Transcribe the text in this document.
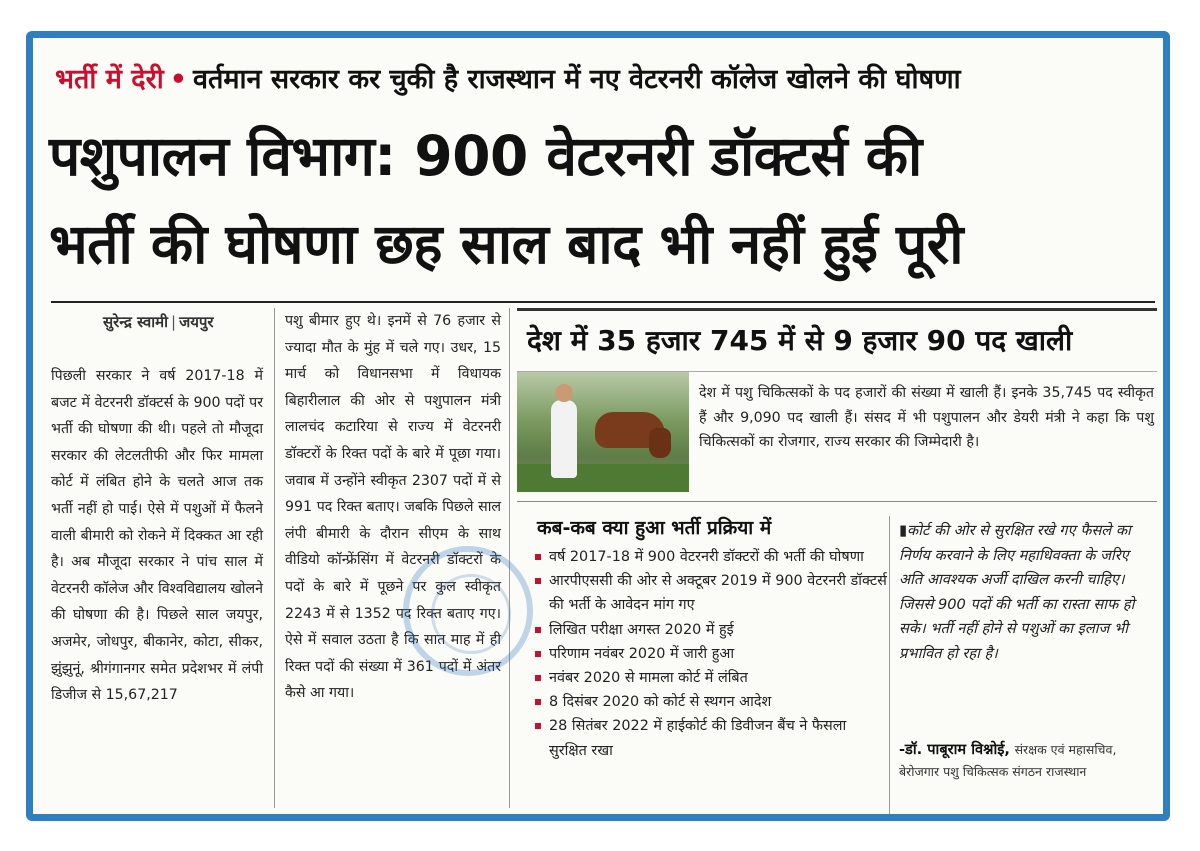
भर्ती में देरी • वर्तमान सरकार कर चुकी है राजस्थान में नए वेटरनरी कॉलेज खोलने की घोषणा
पशुपालन विभाग: 900 वेटरनरी डॉक्टर्स की
भर्ती की घोषणा छह साल बाद भी नहीं हुई पूरी
सुरेन्द्र स्वामी | जयपुर
पिछली सरकार ने वर्ष 2017-18 में बजट में वेटरनरी डॉक्टर्स के 900 पदों पर भर्ती की घोषणा की थी। पहले तो मौजूदा सरकार की लेटलतीफी और फिर मामला कोर्ट में लंबित होने के चलते आज तक भर्ती नहीं हो पाई। ऐसे में पशुओं में फैलने वाली बीमारी को रोकने में दिक्कत आ रही है। अब मौजूदा सरकार ने पांच साल में वेटरनरी कॉलेज और विश्वविद्यालय खोलने की घोषणा की है। पिछले साल जयपुर, अजमेर, जोधपुर, बीकानेर, कोटा, सीकर, झुंझुनूं, श्रीगंगानगर समेत प्रदेशभर में लंपी डिजीज से 15,67,217
पशु बीमार हुए थे। इनमें से 76 हजार से ज्यादा मौत के मुंह में चले गए। उधर, 15 मार्च को विधानसभा में विधायक बिहारीलाल की ओर से पशुपालन मंत्री लालचंद कटारिया से राज्य में वेटरनरी डॉक्टरों के रिक्त पदों के बारे में पूछा गया। जवाब में उन्होंने स्वीकृत 2307 पदों में से 991 पद रिक्त बताए। जबकि पिछले साल लंपी बीमारी के दौरान सीएम के साथ वीडियो कॉन्फ्रेंसिंग में वेटरनरी डॉक्टरों के पदों के बारे में पूछने पर कुल स्वीकृत 2243 में से 1352 पद रिक्त बताए गए। ऐसे में सवाल उठता है कि सात माह में ही रिक्त पदों की संख्या में 361 पदों में अंतर कैसे आ गया।
देश में 35 हजार 745 में से 9 हजार 90 पद खाली
देश में पशु चिकित्सकों के पद हजारों की संख्या में खाली हैं। इनके 35,745 पद स्वीकृत हैं और 9,090 पद खाली हैं। संसद में भी पशुपालन और डेयरी मंत्री ने कहा कि पशु चिकित्सकों का रोजगार, राज्य सरकार की जिम्मेदारी है।
कब-कब क्या हुआ भर्ती प्रक्रिया में
वर्ष 2017-18 में 900 वेटरनरी डॉक्टरों की भर्ती की घोषणा
आरपीएससी की ओर से अक्टूबर 2019 में 900 वेटरनरी डॉक्टर्स की भर्ती के आवेदन मांग गए
लिखित परीक्षा अगस्त 2020 में हुई
परिणाम नवंबर 2020 में जारी हुआ
नवंबर 2020 से मामला कोर्ट में लंबित
8 दिसंबर 2020 को कोर्ट से स्थगन आदेश
28 सितंबर 2022 में हाईकोर्ट की डिवीजन बैंच ने फैसला सुरक्षित रखा
▮कोर्ट की ओर से सुरक्षित रखे गए फैसले का निर्णय करवाने के लिए महाधिवक्ता के जरिए अति आवश्यक अर्जी दाखिल करनी चाहिए। जिससे 900 पदों की भर्ती का रास्ता साफ हो सके। भर्ती नहीं होने से पशुओं का इलाज भी प्रभावित हो रहा है।
-डॉ. पाबूराम विश्नोई, संरक्षक एवं महासचिव, बेरोजगार पशु चिकित्सक संगठन राजस्थान
